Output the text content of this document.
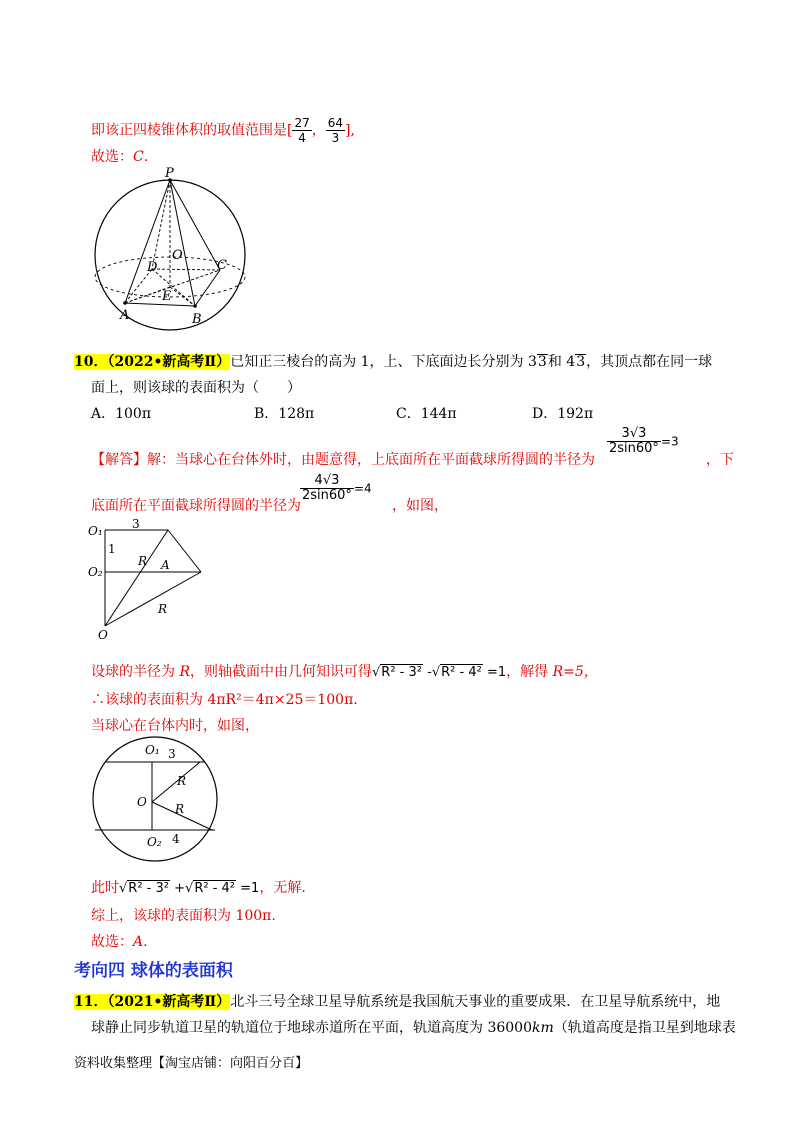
即该正四棱锥体积的取值范围是[ $\frac{27}{4}$ ， $\frac{64}{3}$ ],
故选：C.
P
O
D	C
E
A	B
10．（2022•新高考Ⅱ）已知正三棱台的高为 1，上、下底面边长分别为 33和 43，其顶点都在同一球
面上，则该球的表面积为（　　）
A．100π	B．128π	C．144π	D．192π
【解答】解：当球心在台体外时，由题意得，上底面所在平面截球所得圆的半径为
$\frac{3√3}{2\sin 60^\circ} =3$
，下
底面所在平面截球所得圆的半径为
$\frac{4√3}{2\sin 60^\circ} =4$
，如图，
O₁ 3
1
R A
O₂
R
O
设球的半径为 R，则轴截面中由几何知识可得√R² - 3² -√R² - 4² =1，解得 R=5，
∴该球的表面积为 4πR²＝4π×25＝100π.
当球心在台体内时，如图，
O₁ 3
R
O R
O₂ 4
此时√R² - 3² +√R² - 4² =1，无解.
综上，该球的表面积为 100π.
故选：A.
考向四 球体的表面积
11．（2021•新高考Ⅱ）北斗三号全球卫星导航系统是我国航天事业的重要成果．在卫星导航系统中，地
球静止同步轨道卫星的轨道位于地球赤道所在平面，轨道高度为 36000km（轨道高度是指卫星到地球表
资料收集整理【淘宝店铺：向阳百分百】
